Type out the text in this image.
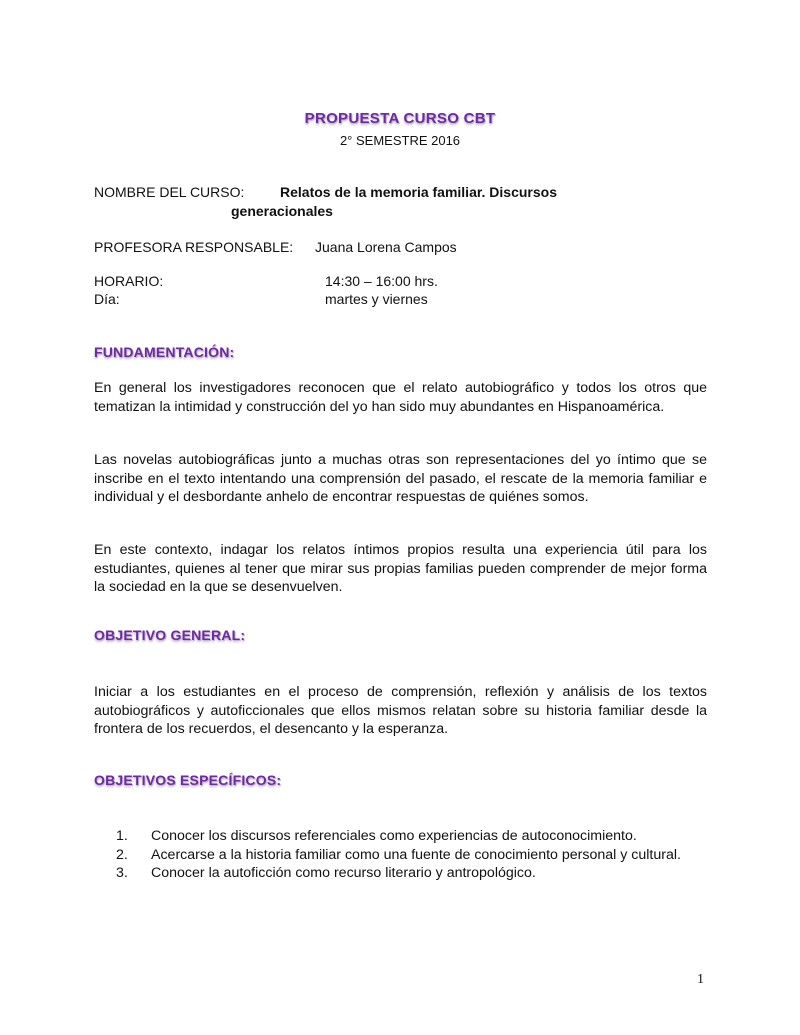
PROPUESTA CURSO CBT
2° SEMESTRE 2016
NOMBRE DEL CURSO:	Relatos de la memoria familiar. Discursos
generacionales
PROFESORA RESPONSABLE: Juana Lorena Campos
HORARIO:	14:30 – 16:00 hrs.
Día:	martes y viernes
FUNDAMENTACIÓN:

En general los investigadores reconocen que el relato autobiográfico y todos los otros que tematizan la intimidad y construcción del yo han sido muy abundantes en Hispanoamérica.

Las novelas autobiográficas junto a muchas otras son representaciones del yo íntimo que se inscribe en el texto intentando una comprensión del pasado, el rescate de la memoria familiar e individual y el desbordante anhelo de encontrar respuestas de quiénes somos.

En este contexto, indagar los relatos íntimos propios resulta una experiencia útil para los estudiantes, quienes al tener que mirar sus propias familias pueden comprender de mejor forma la sociedad en la que se desenvuelven.

OBJETIVO GENERAL:

Iniciar a los estudiantes en el proceso de comprensión, reflexión y análisis de los textos autobiográficos y autoficcionales que ellos mismos relatan sobre su historia familiar desde la frontera de los recuerdos, el desencanto y la esperanza.

OBJETIVOS ESPECÍFICOS:
1. Conocer los discursos referenciales como experiencias de autoconocimiento.
2. Acercarse a la historia familiar como una fuente de conocimiento personal y cultural.
3. Conocer la autoficción como recurso literario y antropológico.
1
